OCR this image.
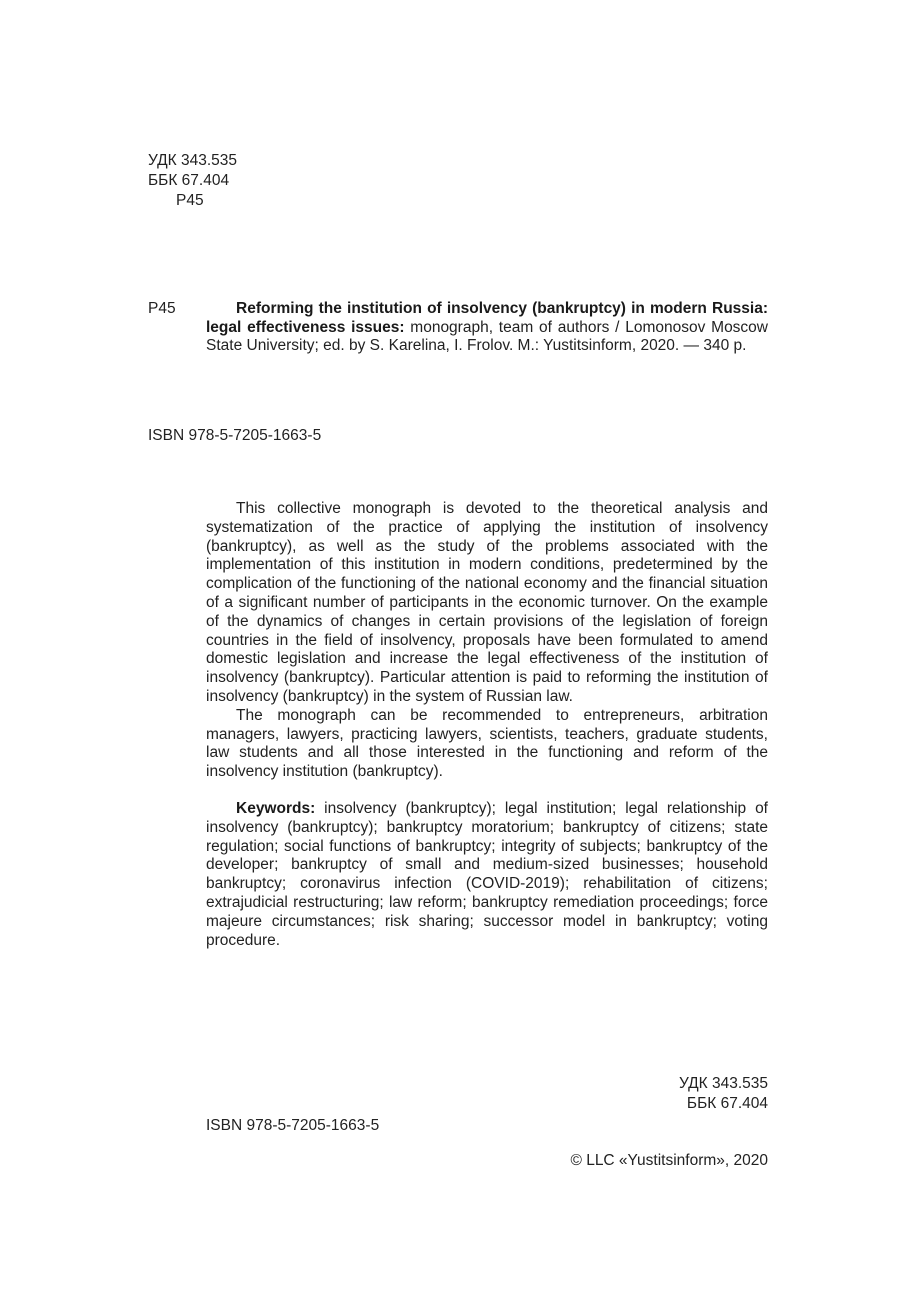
УДК 343.535
ББК 67.404
Р45
Р45	Reforming the institution of insolvency (bankruptcy) in modern Russia: legal effectiveness issues: monograph, team of authors / Lomonosov Moscow State University; ed. by S. Karelina, I. Frolov. M.: Yustitsinform, 2020. — 340 p.
ISBN 978-5-7205-1663-5

This collective monograph is devoted to the theoretical analysis and systematization of the practice of applying the institution of insolvency (bankruptcy), as well as the study of the problems associated with the implementation of this institution in modern conditions, predetermined by the complication of the functioning of the national economy and the financial situation of a significant number of participants in the economic turnover. On the example of the dynamics of changes in certain provisions of the legislation of foreign countries in the field of insolvency, proposals have been formulated to amend domestic legislation and increase the legal effectiveness of the institution of insolvency (bankruptcy). Particular attention is paid to reforming the institution of insolvency (bankruptcy) in the system of Russian law.

The monograph can be recommended to entrepreneurs, arbitration managers, lawyers, practicing lawyers, scientists, teachers, graduate students, law students and all those interested in the functioning and reform of the insolvency institution (bankruptcy).

Keywords: insolvency (bankruptcy); legal institution; legal relationship of insolvency (bankruptcy); bankruptcy moratorium; bankruptcy of citizens; state regulation; social functions of bankruptcy; integrity of subjects; bankruptcy of the developer; bankruptcy of small and medium-sized businesses; household bankruptcy; coronavirus infection (COVID-2019); rehabilitation of citizens; extrajudicial restructuring; law reform; bankruptcy remediation proceedings; force majeure circumstances; risk sharing; successor model in bankruptcy; voting procedure.
УДК 343.535
ББК 67.404
ISBN 978-5-7205-1663-5
© LLC «Yustitsinform», 2020
